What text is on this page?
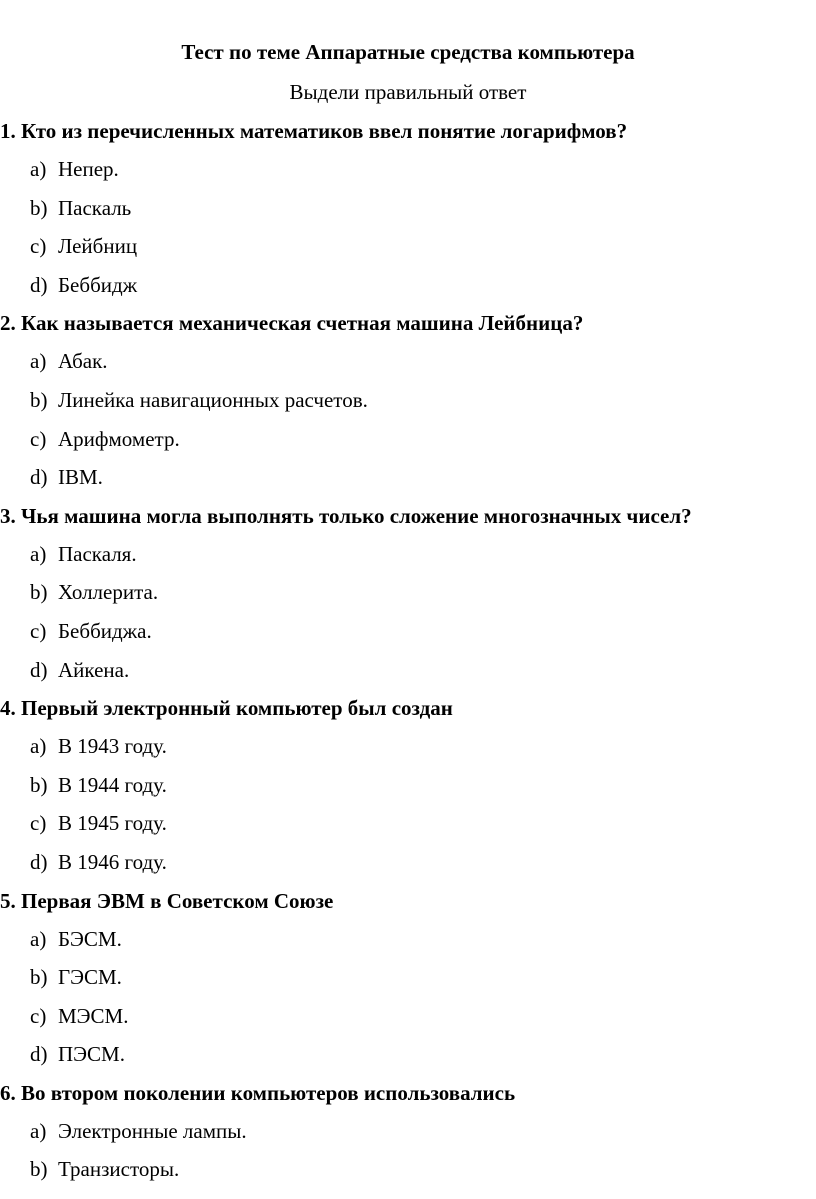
Тест по теме Аппаратные средства компьютера
Выдели правильный ответ
1. Кто из перечисленных математиков ввел понятие логарифмов?
a) Непер.
b) Паскаль
c) Лейбниц
d) Беббидж
2. Как называется механическая счетная машина Лейбница?
a) Абак.
b) Линейка навигационных расчетов.
c) Арифмометр.
d) IBM.
3. Чья машина могла выполнять только сложение многозначных чисел?
a) Паскаля.
b) Холлерита.
c) Беббиджа.
d) Айкена.
4. Первый электронный компьютер был создан
a) В 1943 году.
b) В 1944 году.
c) В 1945 году.
d) В 1946 году.
5. Первая ЭВМ в Советском Союзе
a) БЭСМ.
b) ГЭСМ.
c) МЭСМ.
d) ПЭСМ.
6. Во втором поколении компьютеров использовались
a) Электронные лампы.
b) Транзисторы.
